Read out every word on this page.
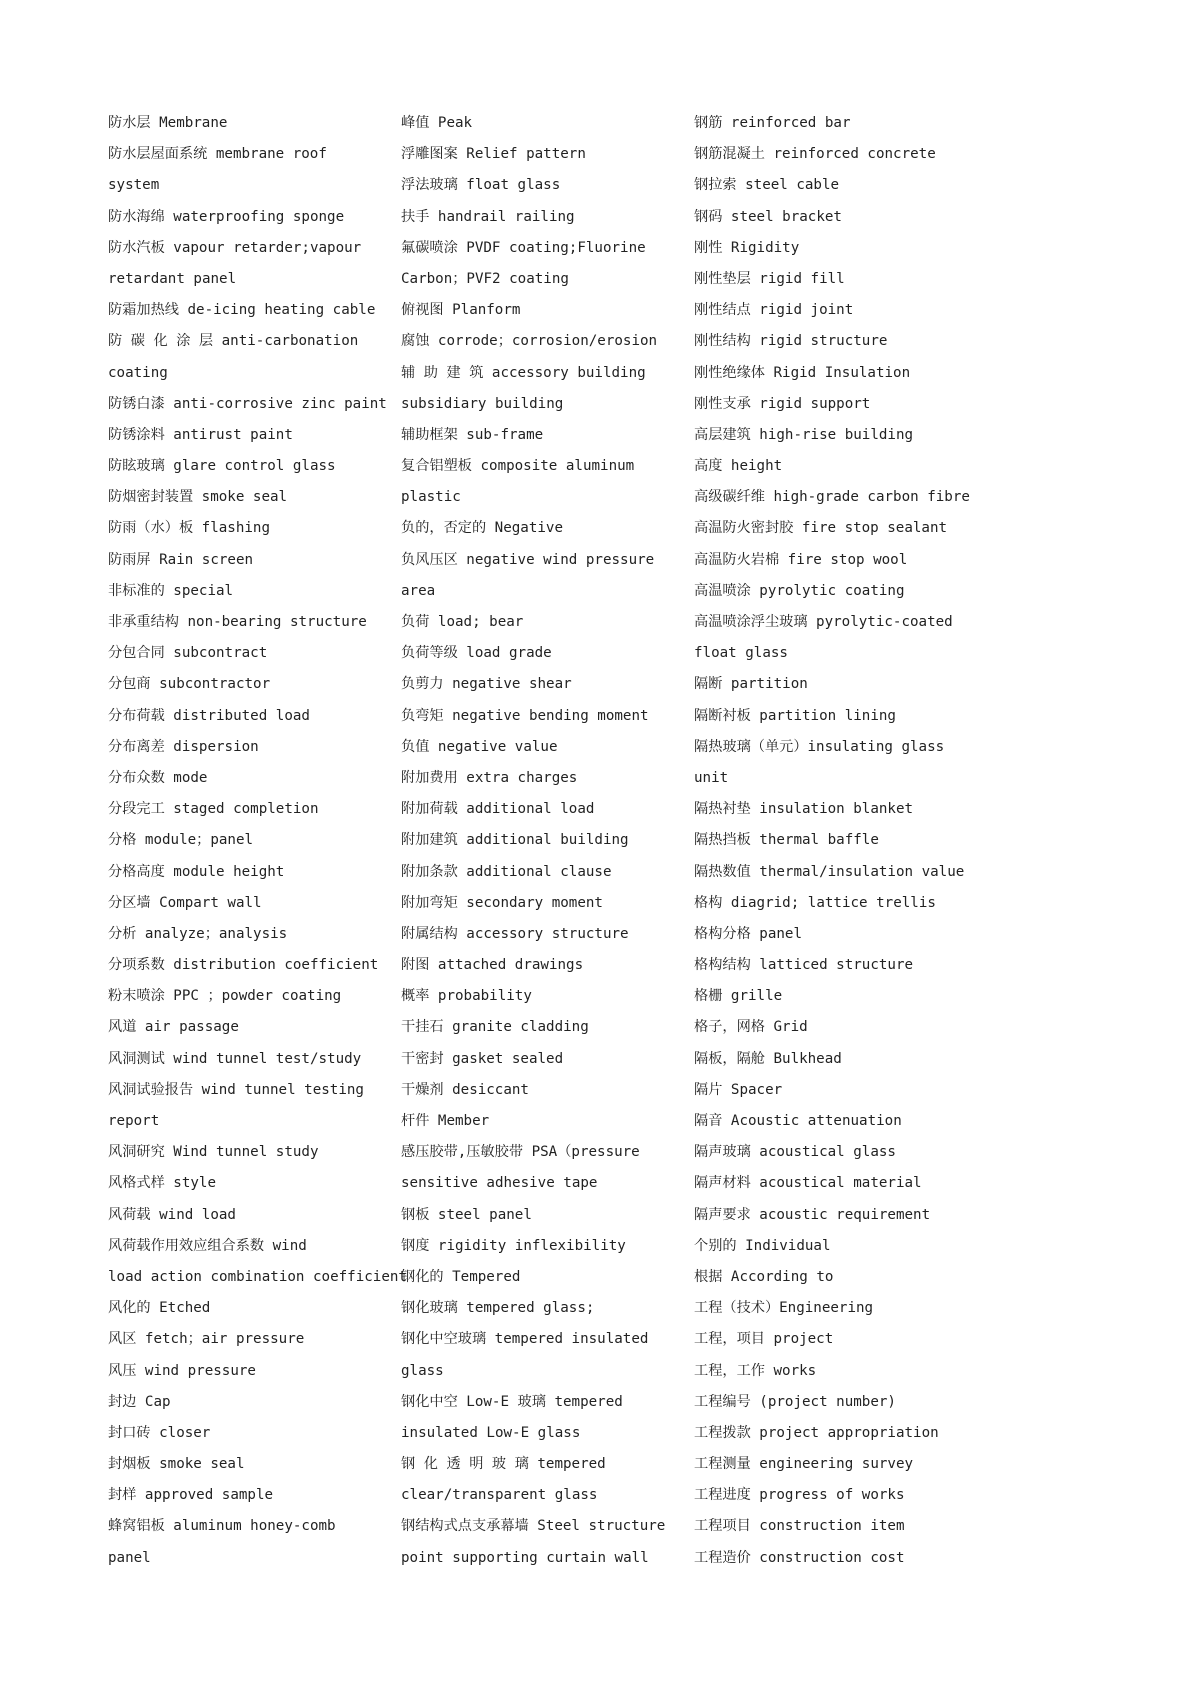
防水层 Membrane
防水层屋面系统 membrane roof
system
防水海绵 waterproofing sponge
防水汽板 vapour retarder;vapour
retardant panel
防霜加热线 de-icing heating cable
防 碳 化 涂 层 anti-carbonation
coating
防锈白漆 anti-corrosive zinc paint
防锈涂料 antirust paint
防眩玻璃 glare control glass
防烟密封装置 smoke seal
防雨（水）板 flashing
防雨屏 Rain screen
非标准的 special
非承重结构 non-bearing structure
分包合同 subcontract
分包商 subcontractor
分布荷载 distributed load
分布离差 dispersion
分布众数 mode
分段完工 staged completion
分格 module；panel
分格高度 module height
分区墙 Compart wall
分析 analyze；analysis
分项系数 distribution coefficient
粉末喷涂 PPC ；powder coating
风道 air passage
风洞测试 wind tunnel test/study
风洞试验报告 wind tunnel testing
report
风洞研究 Wind tunnel study
风格式样 style
风荷载 wind load
风荷载作用效应组合系数 wind
load action combination coefficient
风化的 Etched
风区 fetch；air pressure
风压 wind pressure
封边 Cap
封口砖 closer
封烟板 smoke seal
封样 approved sample
蜂窝铝板 aluminum honey-comb
panel
峰值 Peak
浮雕图案 Relief pattern
浮法玻璃 float glass
扶手 handrail railing
氟碳喷涂 PVDF coating;Fluorine
Carbon；PVF2 coating
俯视图 Planform
腐蚀 corrode；corrosion/erosion
辅 助 建 筑 accessory building
subsidiary building
辅助框架 sub-frame
复合铝塑板 composite aluminum
plastic
负的，否定的 Negative
负风压区 negative wind pressure
area
负荷 load; bear
负荷等级 load grade
负剪力 negative shear
负弯矩 negative bending moment
负值 negative value
附加费用 extra charges
附加荷载 additional load
附加建筑 additional building
附加条款 additional clause
附加弯矩 secondary moment
附属结构 accessory structure
附图 attached drawings
概率 probability
干挂石 granite cladding
干密封 gasket sealed
干燥剂 desiccant
杆件 Member
感压胶带,压敏胶带 PSA（pressure
sensitive adhesive tape
钢板 steel panel
钢度 rigidity inflexibility
钢化的 Tempered
钢化玻璃 tempered glass;
钢化中空玻璃 tempered insulated
glass
钢化中空 Low-E 玻璃 tempered
insulated Low-E glass
钢 化 透 明 玻 璃 tempered
clear/transparent glass
钢结构式点支承幕墙 Steel structure
point supporting curtain wall
钢筋 reinforced bar
钢筋混凝土 reinforced concrete
钢拉索 steel cable
钢码 steel bracket
刚性 Rigidity
刚性垫层 rigid fill
刚性结点 rigid joint
刚性结构 rigid structure
刚性绝缘体 Rigid Insulation
刚性支承 rigid support
高层建筑 high-rise building
高度 height
高级碳纤维 high-grade carbon fibre
高温防火密封胶 fire stop sealant
高温防火岩棉 fire stop wool
高温喷涂 pyrolytic coating
高温喷涂浮尘玻璃 pyrolytic-coated
float glass
隔断 partition
隔断衬板 partition lining
隔热玻璃（单元）insulating glass
unit
隔热衬垫 insulation blanket
隔热挡板 thermal baffle
隔热数值 thermal/insulation value
格构 diagrid; lattice trellis
格构分格 panel
格构结构 latticed structure
格栅 grille
格子，网格 Grid
隔板，隔舱 Bulkhead
隔片 Spacer
隔音 Acoustic attenuation
隔声玻璃 acoustical glass
隔声材料 acoustical material
隔声要求 acoustic requirement
个别的 Individual
根据 According to
工程（技术）Engineering
工程，项目 project
工程，工作 works
工程编号 (project number)
工程拨款 project appropriation
工程测量 engineering survey
工程进度 progress of works
工程项目 construction item
工程造价 construction cost
